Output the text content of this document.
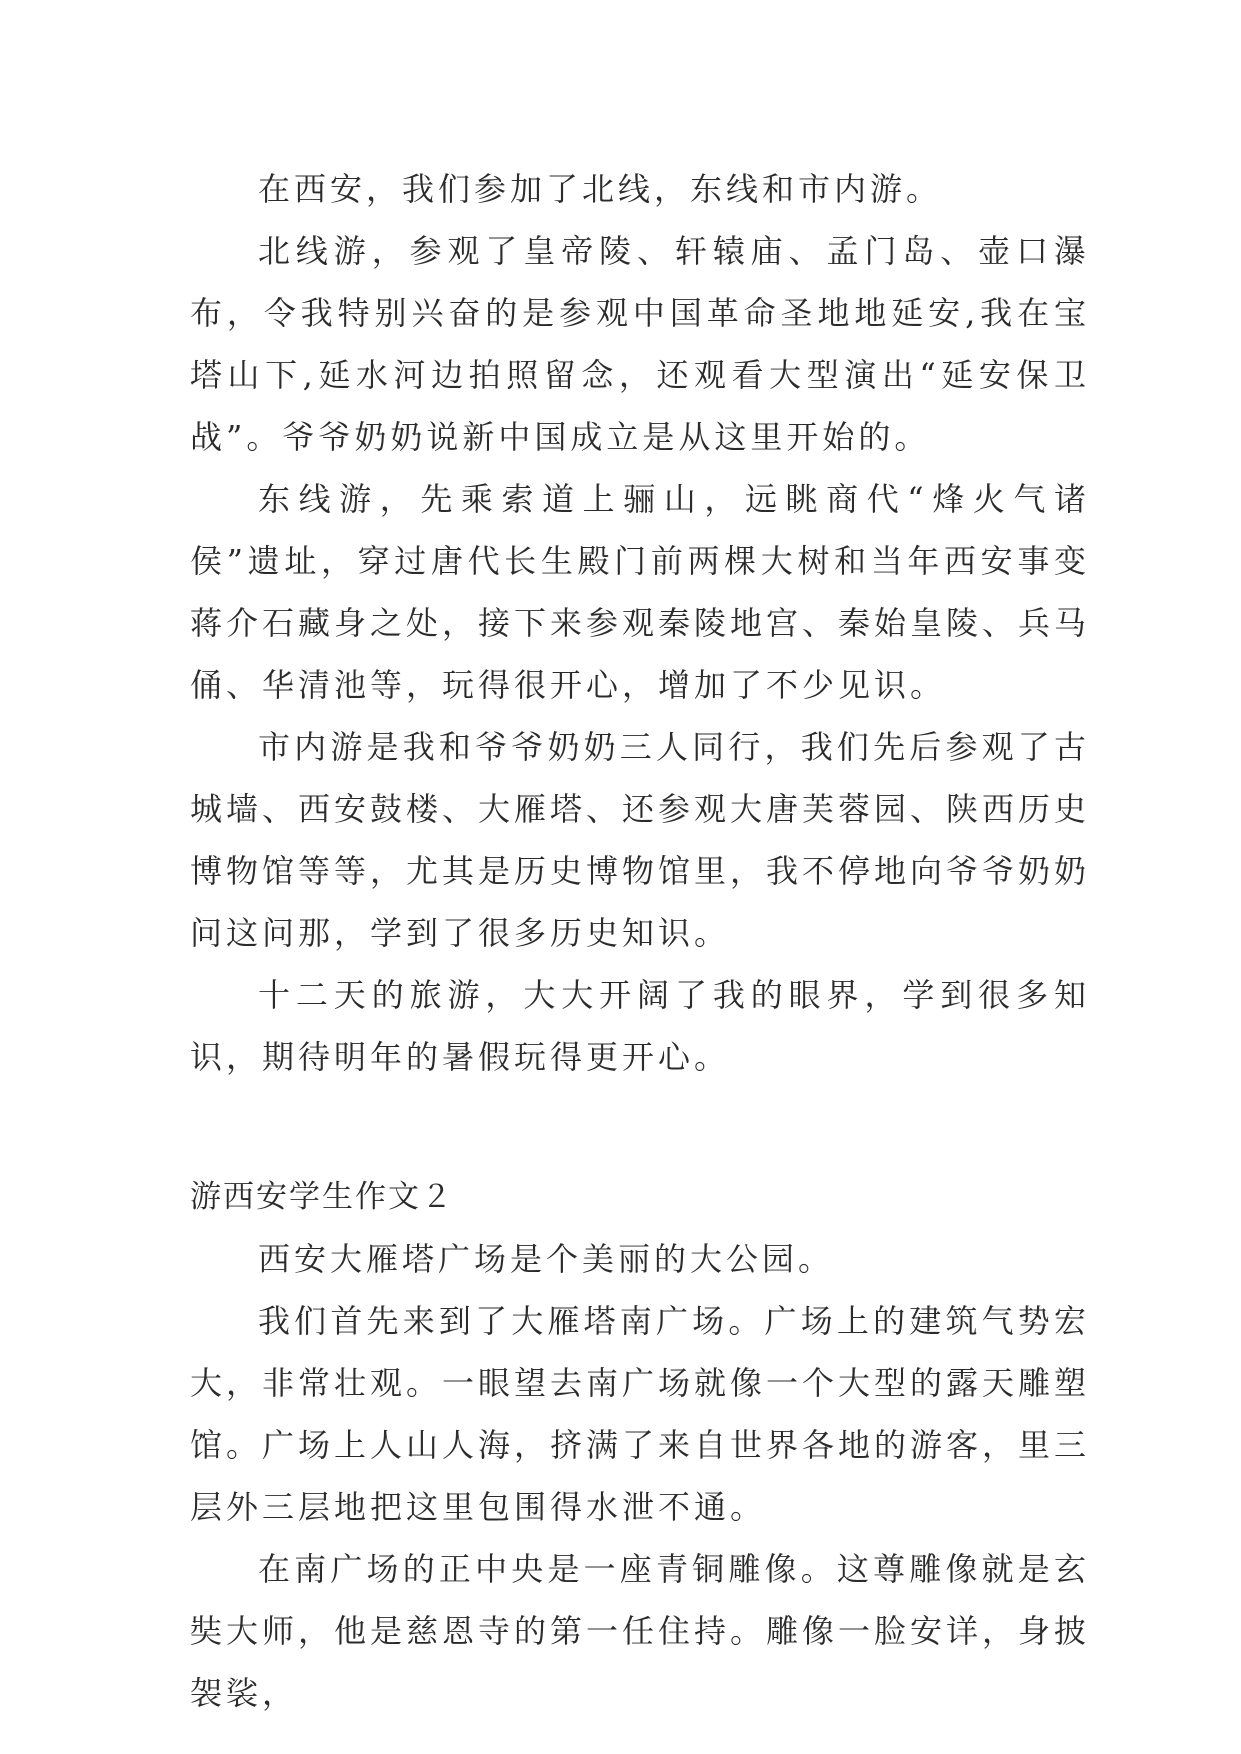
在西安，我们参加了北线，东线和市内游。

北线游，参观了皇帝陵、轩辕庙、孟门岛、壶口瀑布，令我特别兴奋的是参观中国革命圣地地延安,我在宝塔山下,延水河边拍照留念，还观看大型演出“延安保卫战”。爷爷奶奶说新中国成立是从这里开始的。

东线游，先乘索道上骊山，远眺商代“烽火气诸侯”遗址，穿过唐代长生殿门前两棵大树和当年西安事变蒋介石藏身之处，接下来参观秦陵地宫、秦始皇陵、兵马俑、华清池等，玩得很开心，增加了不少见识。

市内游是我和爷爷奶奶三人同行，我们先后参观了古城墙、西安鼓楼、大雁塔、还参观大唐芙蓉园、陕西历史博物馆等等，尤其是历史博物馆里，我不停地向爷爷奶奶问这问那，学到了很多历史知识。

十二天的旅游，大大开阔了我的眼界，学到很多知识，期待明年的暑假玩得更开心。

游西安学生作文２

西安大雁塔广场是个美丽的大公园。

我们首先来到了大雁塔南广场。广场上的建筑气势宏大，非常壮观。一眼望去南广场就像一个大型的露天雕塑馆。广场上人山人海，挤满了来自世界各地的游客，里三层外三层地把这里包围得水泄不通。

在南广场的正中央是一座青铜雕像。这尊雕像就是玄奘大师，他是慈恩寺的第一任住持。雕像一脸安详，身披袈裟，
